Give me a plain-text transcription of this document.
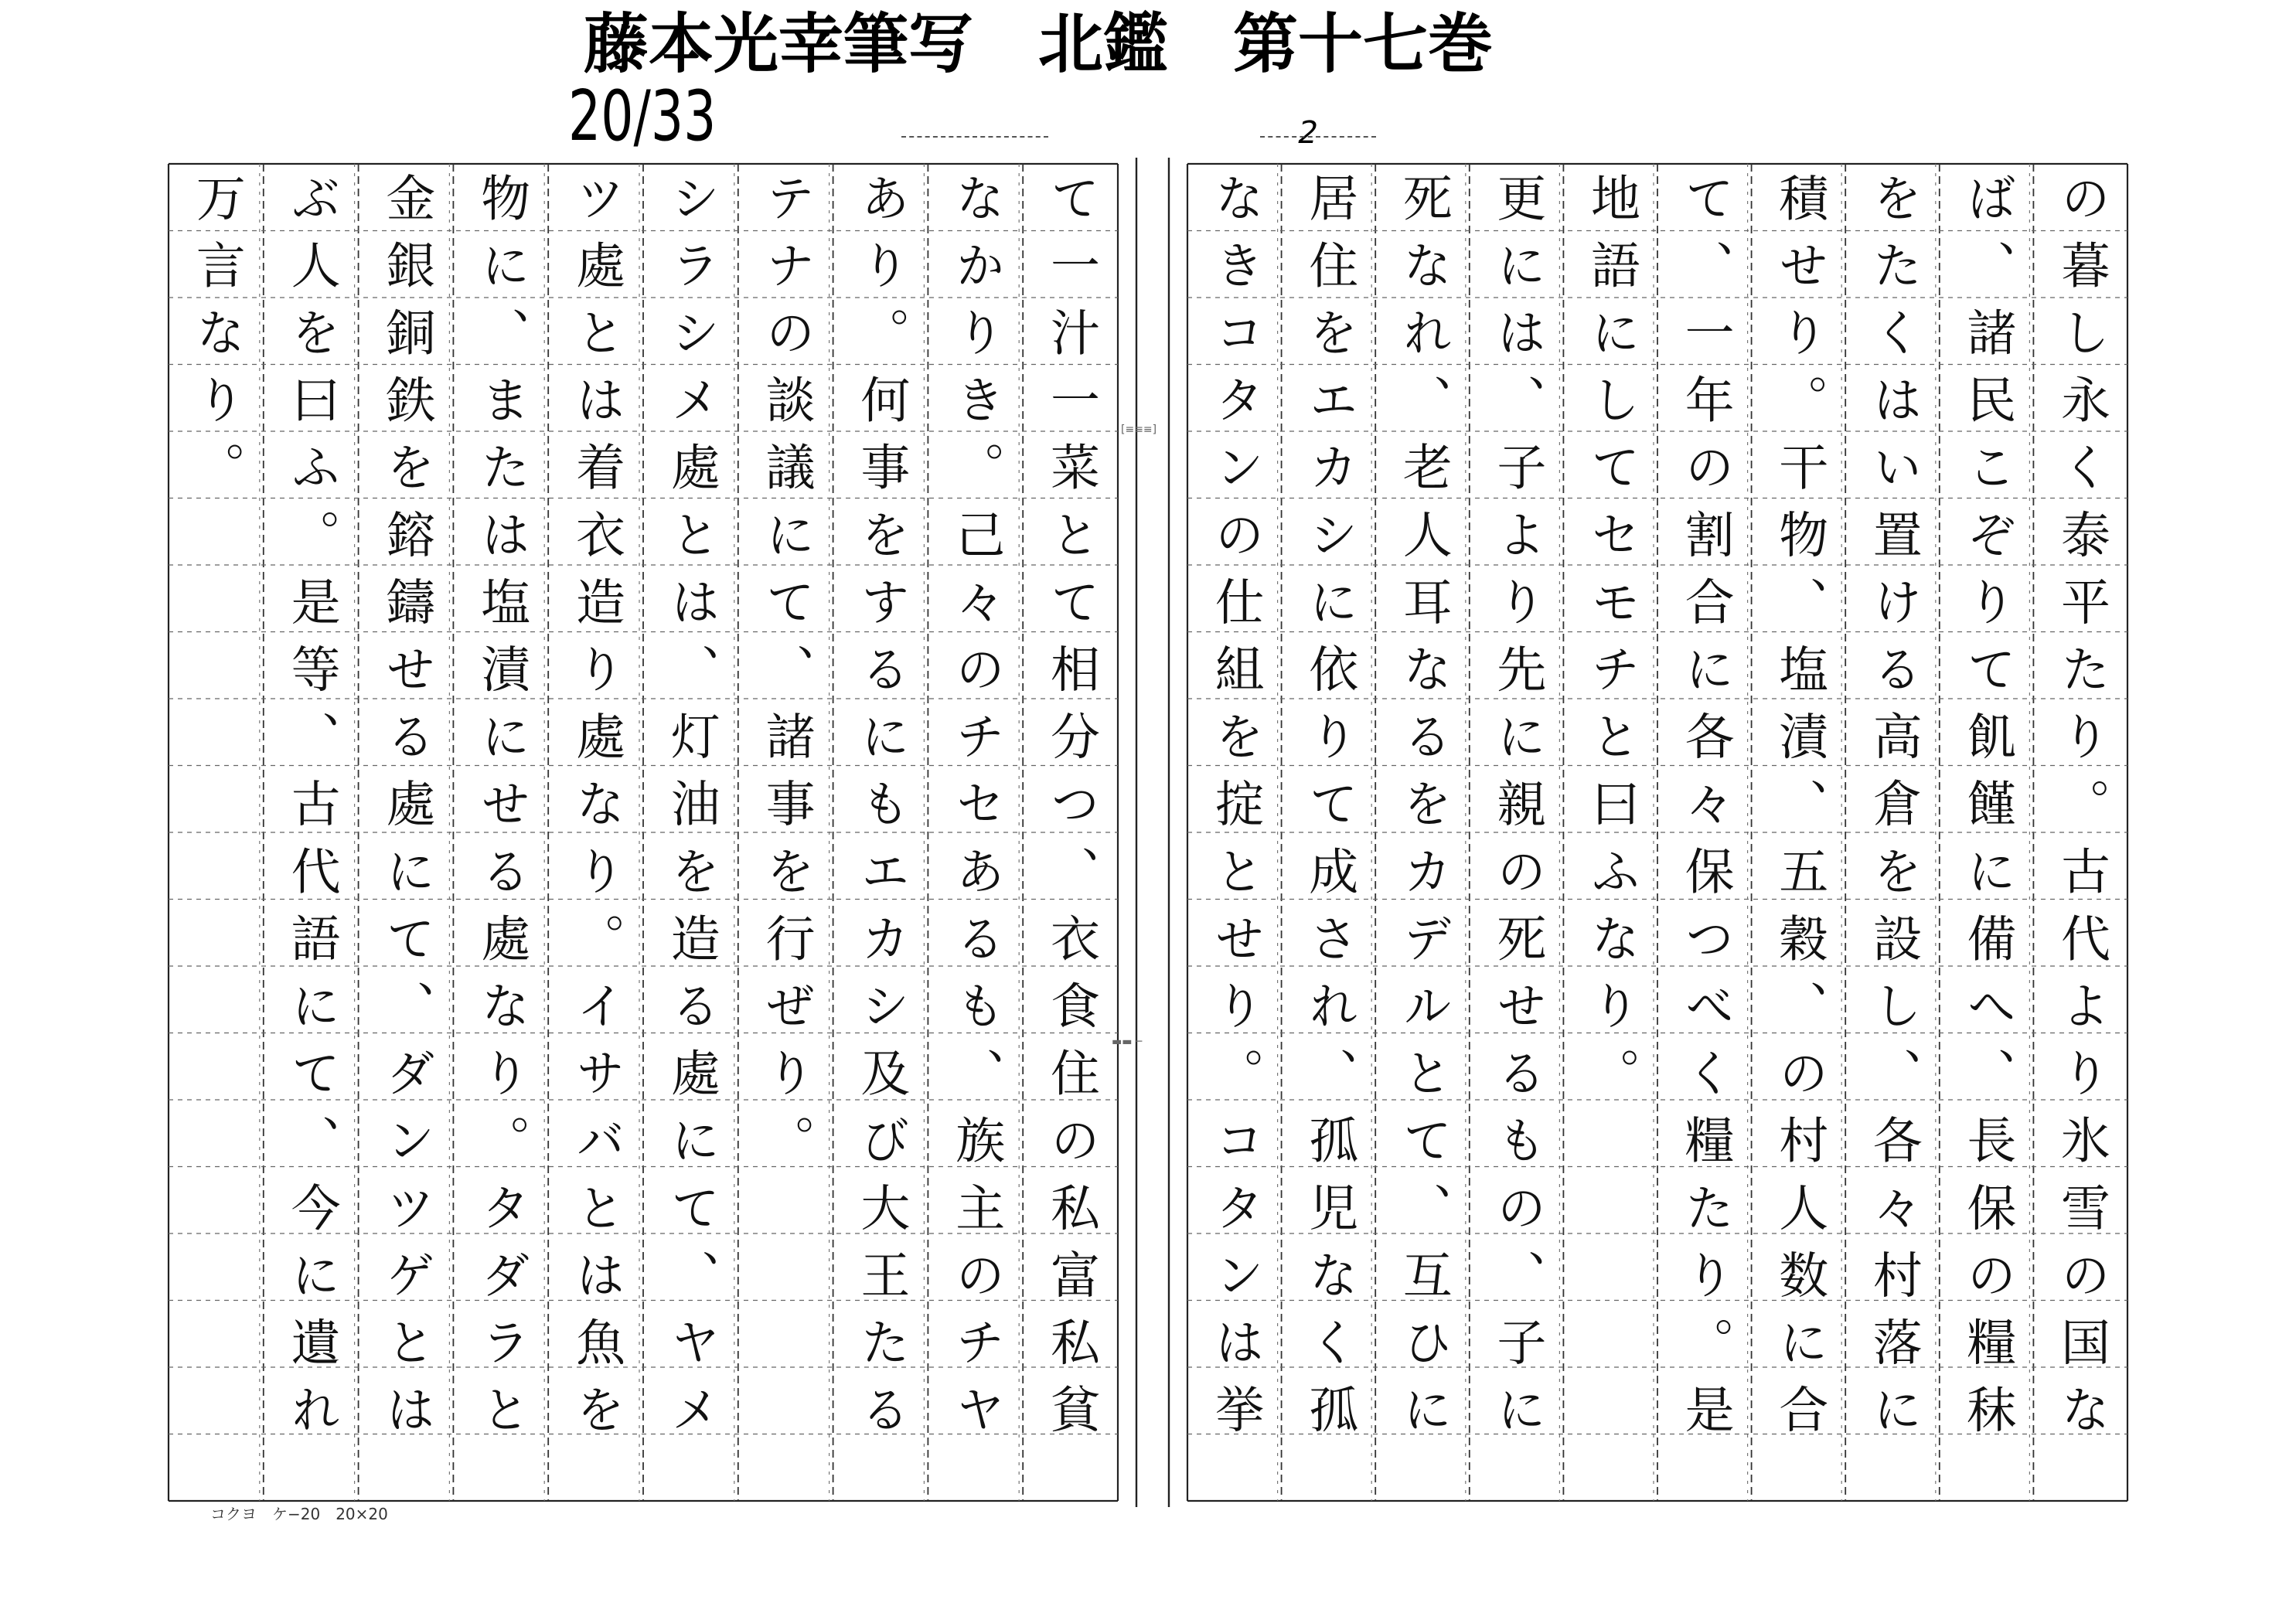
藤本光幸筆写　北鑑　第十七巻
20/33	2
の暮し永く泰平たり。古代より氷雪の国な
ば、諸民こぞりて飢饉に備へ、長保の糧秣
をたくはい置ける高倉を設し、各々村落に
積せり。干物、塩漬、五穀、の村人数に合
て、一年の割合に各々保つべく糧たり。是
地語にしてセモチと曰ふなり。
更には、子より先に親の死せるもの、子に
死なれ、老人耳なるをカデルとて、互ひに
居住をエカシに依りて成され、孤児なく孤
なきコタンの仕組を掟とせり。コタンは挙
て一汁一菜とて相分つ、衣食住の私富私貧
なかりき。己々のチセあるも、族主のチヤ
あり。何事をするにもエカシ及び大王たる
テナの談議にて、諸事を行ぜり。
シラシメ處とは、灯油を造る處にて、ヤメ
ツ處とは着衣造り處なり。イサバとは魚を
物に、または塩漬にせる處なり。タダラと
金銀銅鉄を鎔鑄せる處にて、ダンツゲとは
ぶ人を曰ふ。是等、古代語にて、今に遺れ
万言なり。	[≡≡≡]
▬▬ ─
コクヨ　ケ−20　20×20
